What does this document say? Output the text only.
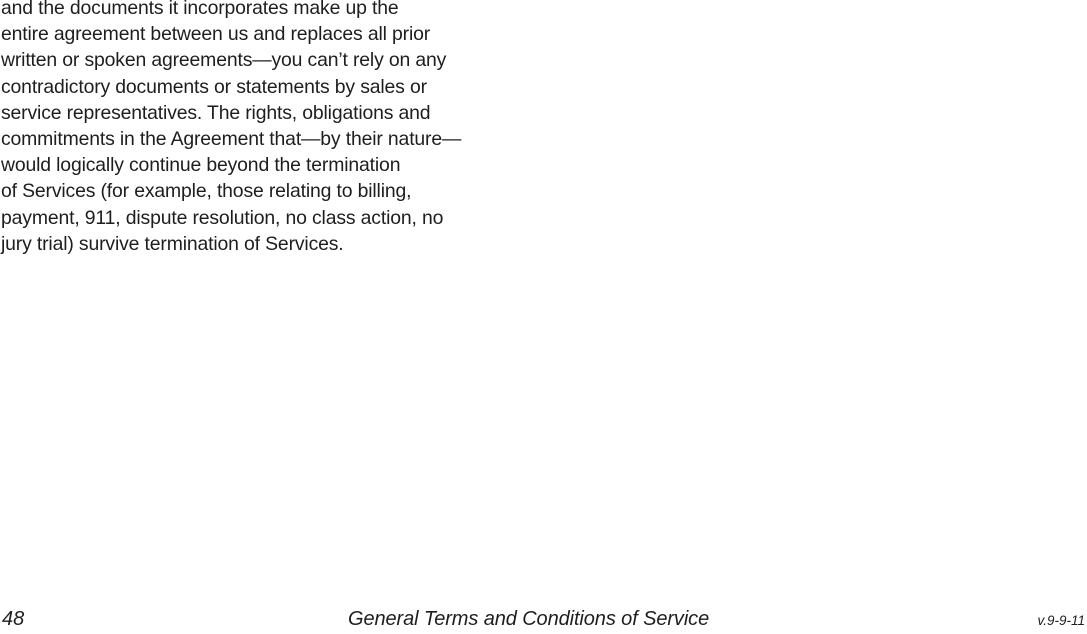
and the documents it incorporates make up the
entire agreement between us and replaces all prior
written or spoken agreements—you can’t rely on any
contradictory documents or statements by sales or
service representatives. The rights, obligations and
commitments in the Agreement that—by their nature—
would logically continue beyond the termination
of Services (for example, those relating to billing,
payment, 911, dispute resolution, no class action, no
jury trial) survive termination of Services.
48	General Terms and Conditions of Service	v.9-9-11
